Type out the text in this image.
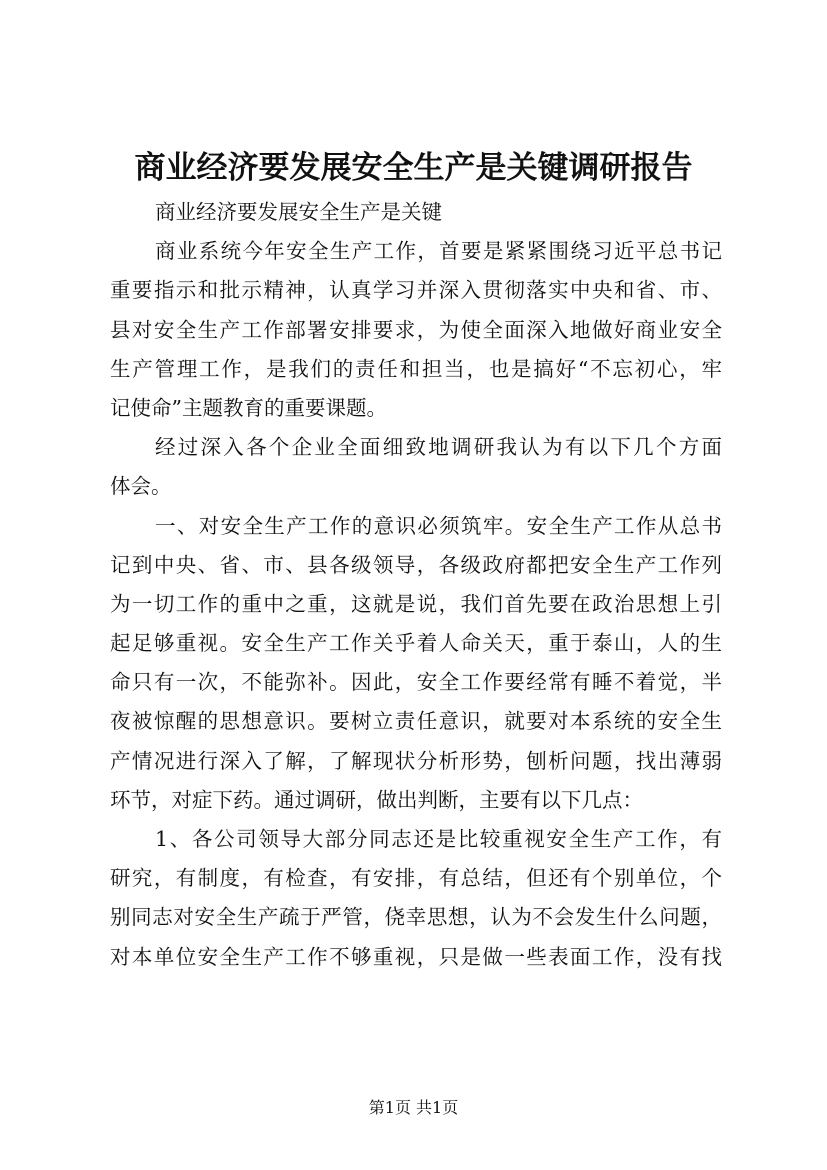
商业经济要发展安全生产是关键调研报告
商业经济要发展安全生产是关键
商业系统今年安全生产工作，首要是紧紧围绕习近平总书记
重要指示和批示精神，认真学习并深入贯彻落实中央和省、市、
县对安全生产工作部署安排要求，为使全面深入地做好商业安全
生产管理工作，是我们的责任和担当，也是搞好“不忘初心，牢
记使命”主题教育的重要课题。
经过深入各个企业全面细致地调研我认为有以下几个方面
体会。
一、对安全生产工作的意识必须筑牢。安全生产工作从总书
记到中央、省、市、县各级领导，各级政府都把安全生产工作列
为一切工作的重中之重，这就是说，我们首先要在政治思想上引
起足够重视。安全生产工作关乎着人命关天，重于泰山，人的生
命只有一次，不能弥补。因此，安全工作要经常有睡不着觉，半
夜被惊醒的思想意识。要树立责任意识，就要对本系统的安全生
产情况进行深入了解，了解现状分析形势，刨析问题，找出薄弱
环节，对症下药。通过调研，做出判断，主要有以下几点：
1、各公司领导大部分同志还是比较重视安全生产工作，有
研究，有制度，有检查，有安排，有总结，但还有个别单位，个
别同志对安全生产疏于严管，侥幸思想，认为不会发生什么问题，
对本单位安全生产工作不够重视，只是做一些表面工作，没有找
第1页 共1页
